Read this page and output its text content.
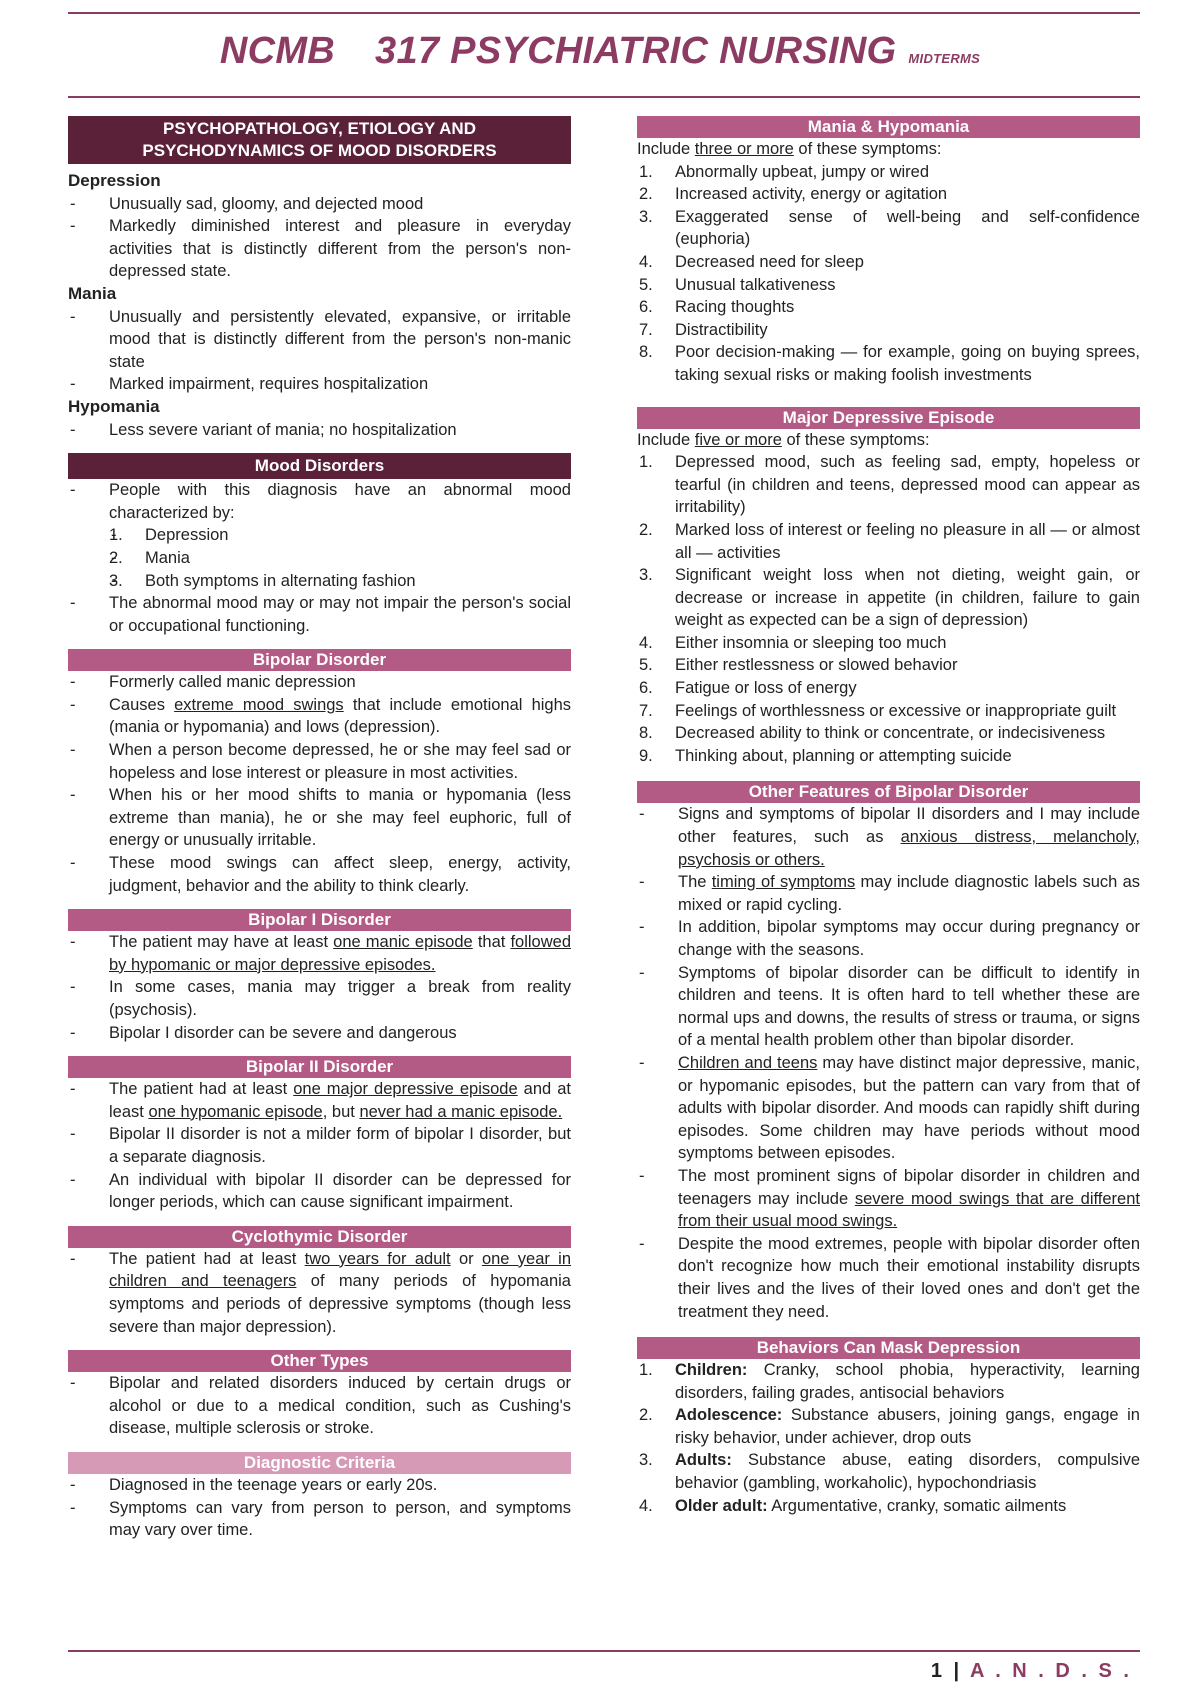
NCMB 317 PSYCHIATRIC NURSING MIDTERMS
PSYCHOPATHOLOGY, ETIOLOGY AND
PSYCHODYNAMICS OF MOOD DISORDERS
Depression
- Unusually sad, gloomy, and dejected mood
- Markedly diminished interest and pleasure in everyday activities that is distinctly different from the person's non-depressed state.
Mania
- Unusually and persistently elevated, expansive, or irritable mood that is distinctly different from the person's non-manic state
- Marked impairment, requires hospitalization
Hypomania
- Less severe variant of mania; no hospitalization
Mood Disorders
- People with this diagnosis have an abnormal mood characterized by:
- 1. Depression
- 2. Mania
- 3. Both symptoms in alternating fashion
- The abnormal mood may or may not impair the person's social or occupational functioning.
Bipolar Disorder
- Formerly called manic depression
- Causes extreme mood swings that include emotional highs (mania or hypomania) and lows (depression).
- When a person become depressed, he or she may feel sad or hopeless and lose interest or pleasure in most activities.
- When his or her mood shifts to mania or hypomania (less extreme than mania), he or she may feel euphoric, full of energy or unusually irritable.
- These mood swings can affect sleep, energy, activity, judgment, behavior and the ability to think clearly.
Bipolar I Disorder
- The patient may have at least one manic episode that followed by hypomanic or major depressive episodes.
- In some cases, mania may trigger a break from reality (psychosis).
- Bipolar I disorder can be severe and dangerous
Bipolar II Disorder
- The patient had at least one major depressive episode and at least one hypomanic episode, but never had a manic episode.
- Bipolar II disorder is not a milder form of bipolar I disorder, but a separate diagnosis.
- An individual with bipolar II disorder can be depressed for longer periods, which can cause significant impairment.
Cyclothymic Disorder
- The patient had at least two years for adult or one year in children and teenagers of many periods of hypomania symptoms and periods of depressive symptoms (though less severe than major depression).
Other Types
- Bipolar and related disorders induced by certain drugs or alcohol or due to a medical condition, such as Cushing's disease, multiple sclerosis or stroke.
Diagnostic Criteria
- Diagnosed in the teenage years or early 20s.
- Symptoms can vary from person to person, and symptoms may vary over time.
Mania & Hypomania

Include three or more of these symptoms:

1. Abnormally upbeat, jumpy or wired
2. Increased activity, energy or agitation
3. Exaggerated sense of well-being and self-confidence (euphoria)
4. Decreased need for sleep
5. Unusual talkativeness
6. Racing thoughts
7. Distractibility
8. Poor decision-making — for example, going on buying sprees, taking sexual risks or making foolish investments
Major Depressive Episode

Include five or more of these symptoms:

1. Depressed mood, such as feeling sad, empty, hopeless or tearful (in children and teens, depressed mood can appear as irritability)
2. Marked loss of interest or feeling no pleasure in all — or almost all — activities
3. Significant weight loss when not dieting, weight gain, or decrease or increase in appetite (in children, failure to gain weight as expected can be a sign of depression)
4. Either insomnia or sleeping too much
5. Either restlessness or slowed behavior
6. Fatigue or loss of energy
7. Feelings of worthlessness or excessive or inappropriate guilt
8. Decreased ability to think or concentrate, or indecisiveness
9. Thinking about, planning or attempting suicide
Other Features of Bipolar Disorder
- Signs and symptoms of bipolar II disorders and I may include other features, such as anxious distress, melancholy, psychosis or others.
- The timing of symptoms may include diagnostic labels such as mixed or rapid cycling.
- In addition, bipolar symptoms may occur during pregnancy or change with the seasons.
- Symptoms of bipolar disorder can be difficult to identify in children and teens. It is often hard to tell whether these are normal ups and downs, the results of stress or trauma, or signs of a mental health problem other than bipolar disorder.
- Children and teens may have distinct major depressive, manic, or hypomanic episodes, but the pattern can vary from that of adults with bipolar disorder. And moods can rapidly shift during episodes. Some children may have periods without mood symptoms between episodes.
- The most prominent signs of bipolar disorder in children and teenagers may include severe mood swings that are different from their usual mood swings.
- Despite the mood extremes, people with bipolar disorder often don't recognize how much their emotional instability disrupts their lives and the lives of their loved ones and don't get the treatment they need.
Behaviors Can Mask Depression
1. Children: Cranky, school phobia, hyperactivity, learning disorders, failing grades, antisocial behaviors
2. Adolescence: Substance abusers, joining gangs, engage in risky behavior, under achiever, drop outs
3. Adults: Substance abuse, eating disorders, compulsive behavior (gambling, workaholic), hypochondriasis
4. Older adult: Argumentative, cranky, somatic ailments
1 | A . N . D . S .
